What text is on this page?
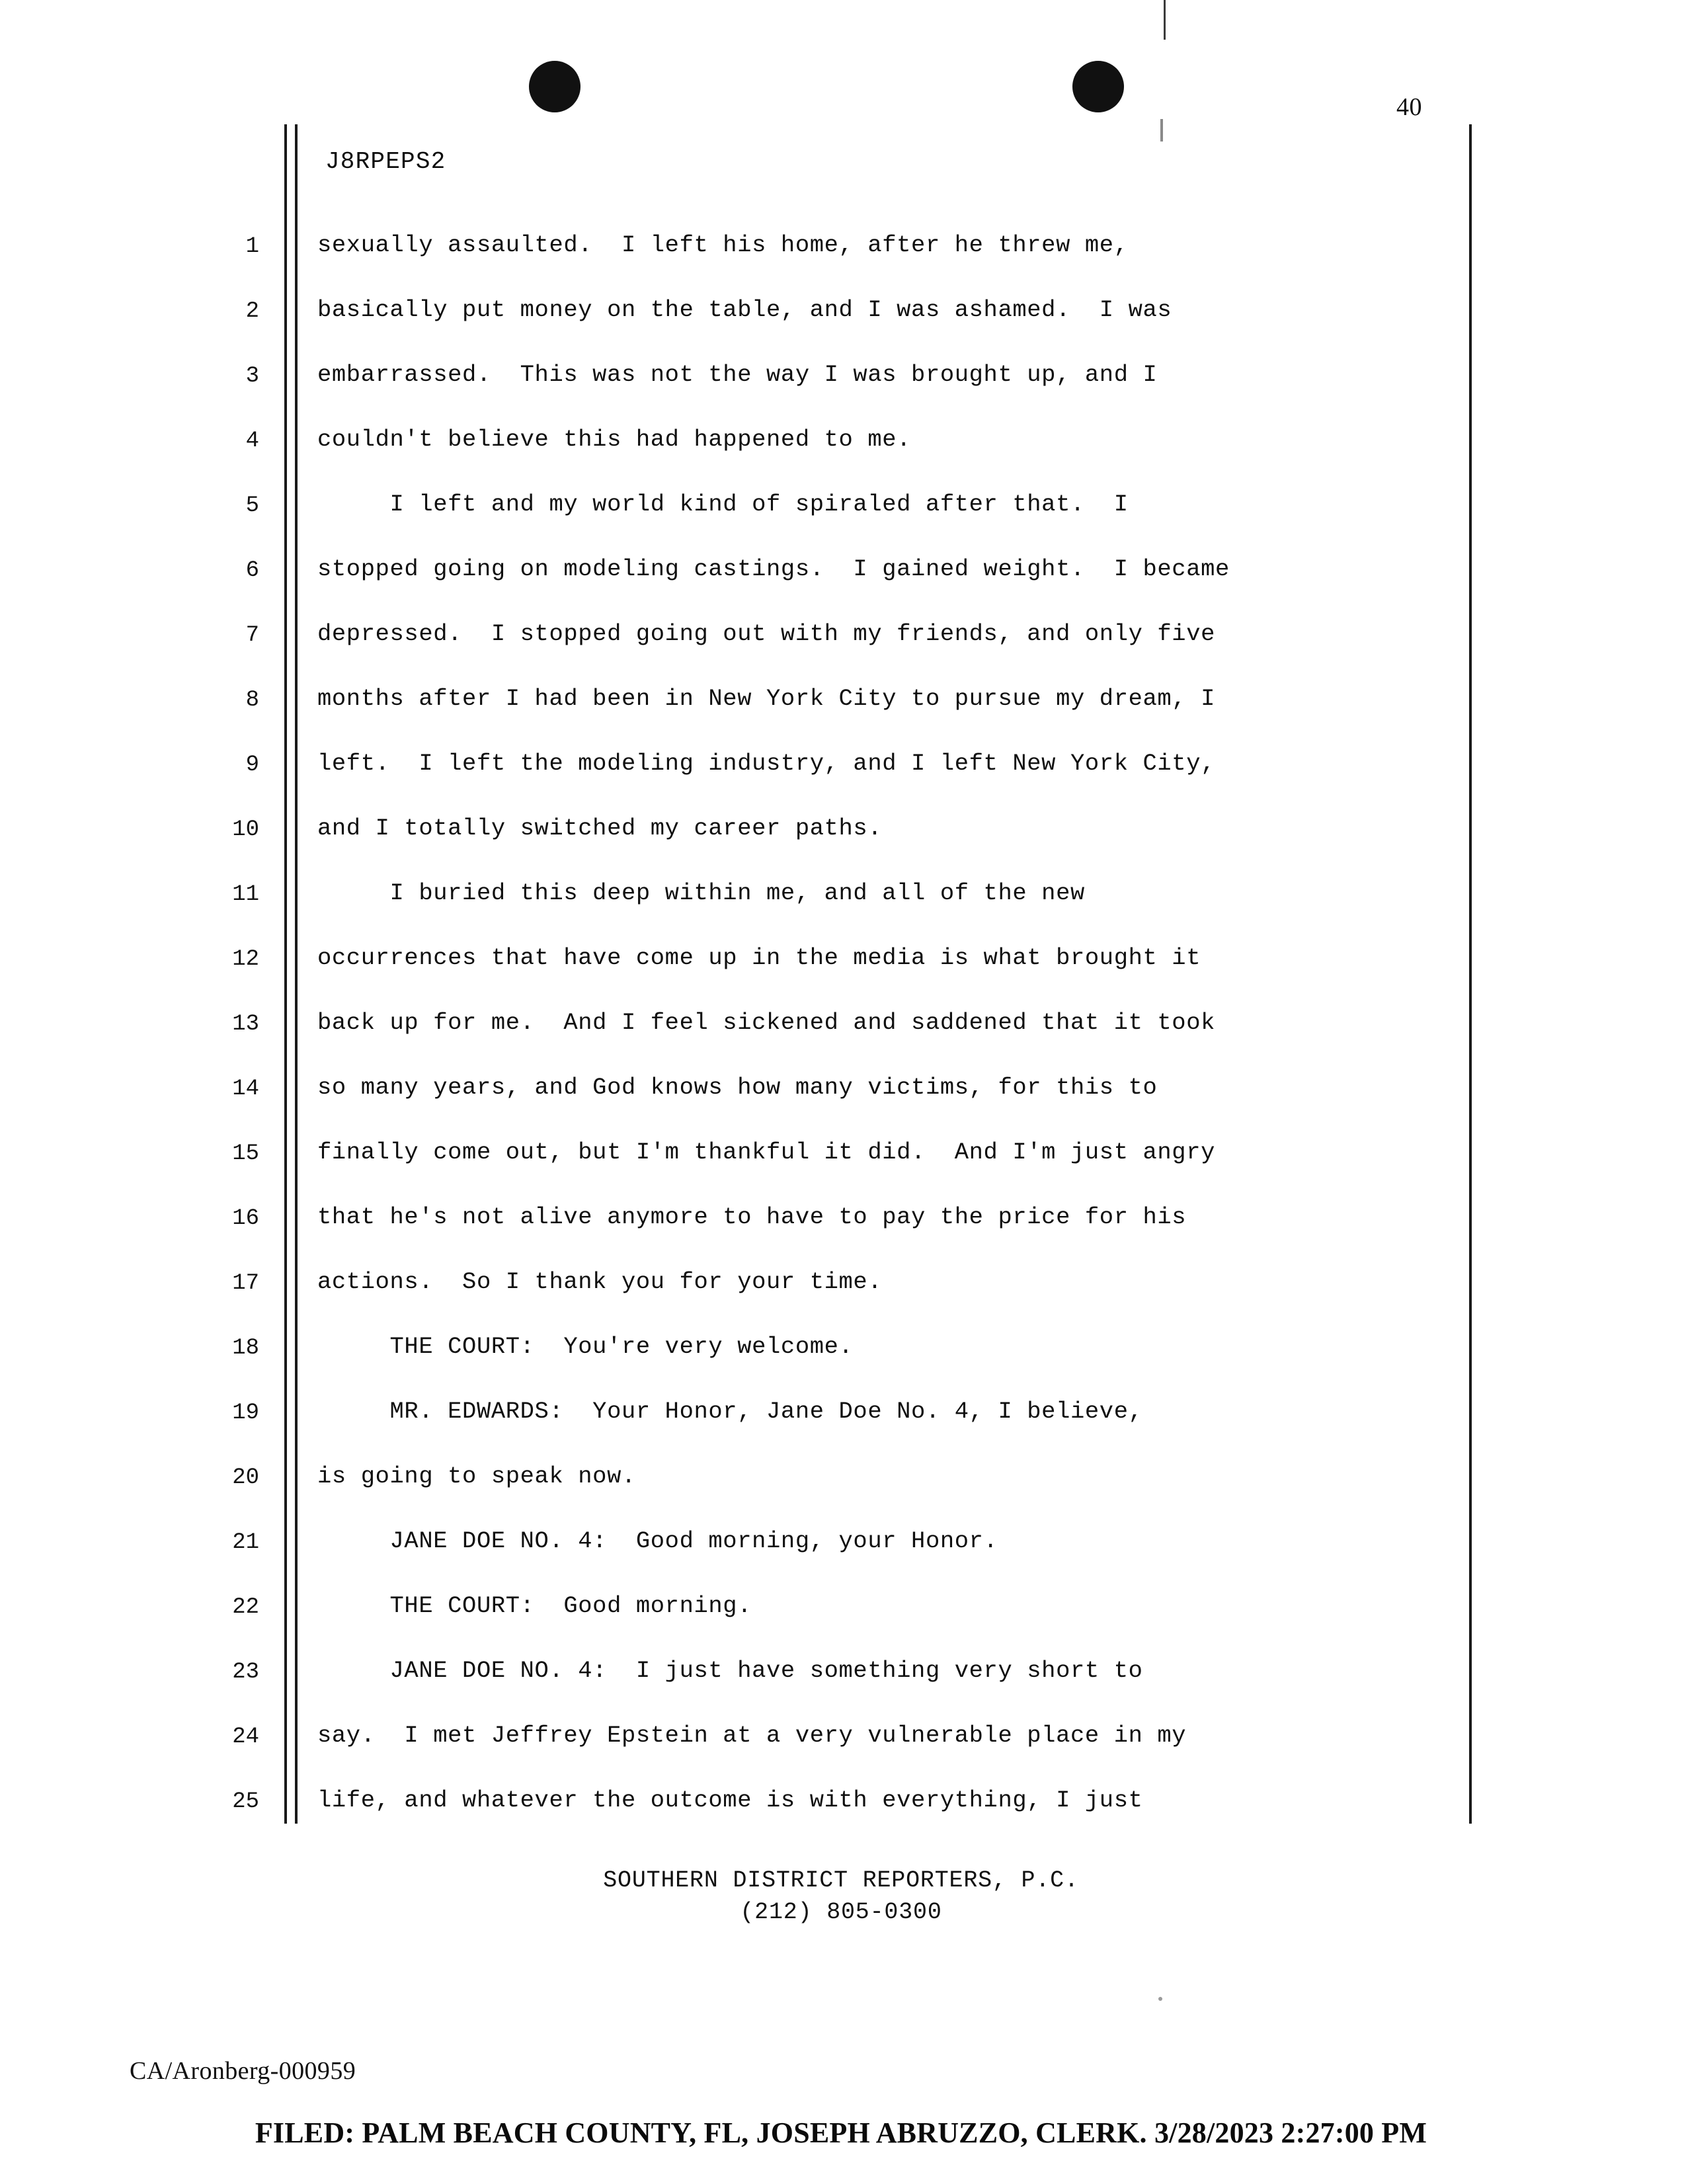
40
J8RPEPS2
1 sexually assaulted.  I left his home, after he threw me,
2 basically put money on the table, and I was ashamed.  I was
3 embarrassed.  This was not the way I was brought up, and I
4 couldn't believe this had happened to me.
5 I left and my world kind of spiraled after that.  I
6 stopped going on modeling castings.  I gained weight.  I became
7 depressed.  I stopped going out with my friends, and only five
8 months after I had been in New York City to pursue my dream, I
9 left.  I left the modeling industry, and I left New York City,
10 and I totally switched my career paths.
11 I buried this deep within me, and all of the new
12 occurrences that have come up in the media is what brought it
13 back up for me.  And I feel sickened and saddened that it took
14 so many years, and God knows how many victims, for this to
15 finally come out, but I'm thankful it did.  And I'm just angry
16 that he's not alive anymore to have to pay the price for his
17 actions.  So I thank you for your time.
18 THE COURT:  You're very welcome.
19 MR. EDWARDS:  Your Honor, Jane Doe No. 4, I believe,
20 is going to speak now.
21 JANE DOE NO. 4:  Good morning, your Honor.
22 THE COURT:  Good morning.
23 JANE DOE NO. 4:  I just have something very short to
24 say.  I met Jeffrey Epstein at a very vulnerable place in my
25 life, and whatever the outcome is with everything, I just
SOUTHERN DISTRICT REPORTERS, P.C.
(212) 805-0300
CA/Aronberg-000959
FILED: PALM BEACH COUNTY, FL, JOSEPH ABRUZZO, CLERK. 3/28/2023 2:27:00 PM
